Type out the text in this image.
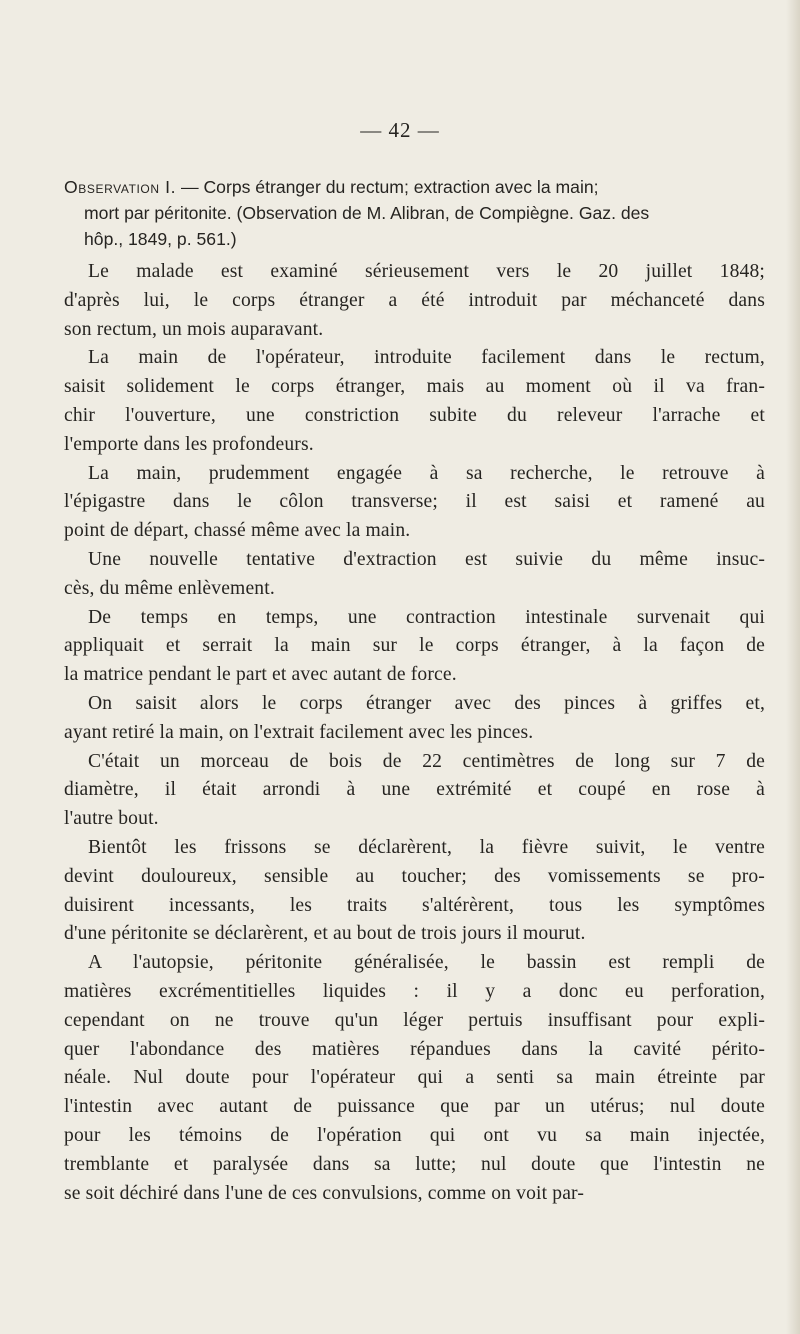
— 42 —
Observation I. — Corps étranger du rectum; extraction avec la main;
mort par péritonite. (Observation de M. Alibran, de Compiègne. Gaz. des
hôp., 1849, p. 561.)

Le malade est examiné sérieusement vers le 20 juillet 1848;
d'après lui, le corps étranger a été introduit par méchanceté dans
son rectum, un mois auparavant.

La main de l'opérateur, introduite facilement dans le rectum,
saisit solidement le corps étranger, mais au moment où il va fran-
chir l'ouverture, une constriction subite du releveur l'arrache et
l'emporte dans les profondeurs.

La main, prudemment engagée à sa recherche, le retrouve à
l'épigastre dans le côlon transverse; il est saisi et ramené au
point de départ, chassé même avec la main.

Une nouvelle tentative d'extraction est suivie du même insuc-
cès, du même enlèvement.

De temps en temps, une contraction intestinale survenait qui
appliquait et serrait la main sur le corps étranger, à la façon de
la matrice pendant le part et avec autant de force.

On saisit alors le corps étranger avec des pinces à griffes et,
ayant retiré la main, on l'extrait facilement avec les pinces.

C'était un morceau de bois de 22 centimètres de long sur 7 de
diamètre, il était arrondi à une extrémité et coupé en rose à
l'autre bout.

Bientôt les frissons se déclarèrent, la fièvre suivit, le ventre
devint douloureux, sensible au toucher; des vomissements se pro-
duisirent incessants, les traits s'altérèrent, tous les symptômes
d'une péritonite se déclarèrent, et au bout de trois jours il mourut.

A l'autopsie, péritonite généralisée, le bassin est rempli de
matières excrémentitielles liquides : il y a donc eu perforation,
cependant on ne trouve qu'un léger pertuis insuffisant pour expli-
quer l'abondance des matières répandues dans la cavité périto-
néale. Nul doute pour l'opérateur qui a senti sa main étreinte par
l'intestin avec autant de puissance que par un utérus; nul doute
pour les témoins de l'opération qui ont vu sa main injectée,
tremblante et paralysée dans sa lutte; nul doute que l'intestin ne
se soit déchiré dans l'une de ces convulsions, comme on voit par-
